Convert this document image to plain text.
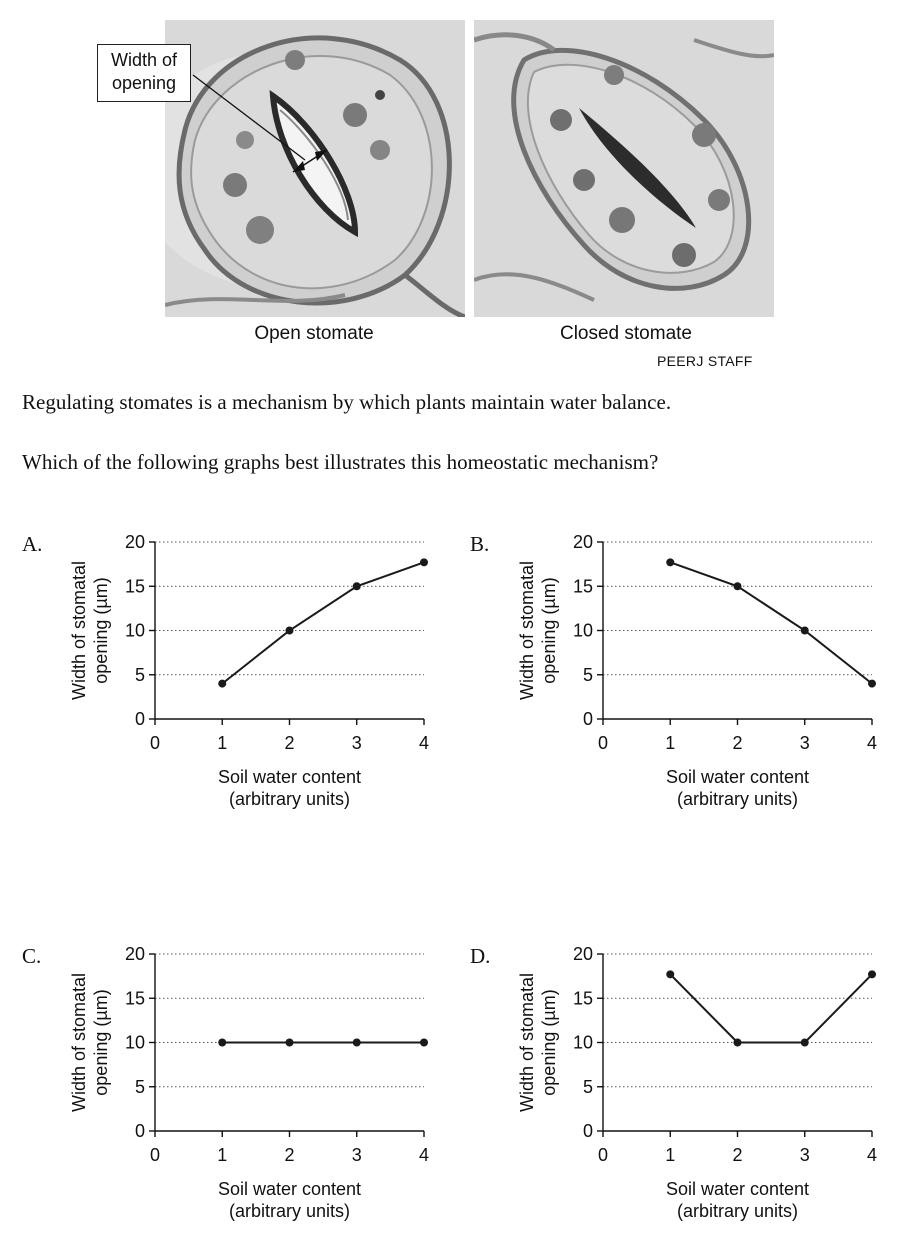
Width of
opening
Open stomate	Closed stomate
PEERJ STAFF
Regulating stomates is a mechanism by which plants maintain water balance.
Which of the following graphs best illustrates this homeostatic mechanism?
A.
0
5
10
15
20
0	1	2	3	4
Soil water content
(arbitrary units)
Width of stomatal opening (µm)
B.
0
5
10
15
20
0	1	2	3	4
Soil water content
(arbitrary units)
Width of stomatal opening (µm)
C.
0
5
10
15
20
0	1	2	3	4
Soil water content
(arbitrary units)
Width of stomatal opening (µm)
D.
0
5
10
15
20
0	1	2	3	4
Soil water content
(arbitrary units)
Width of stomatal opening (µm)
